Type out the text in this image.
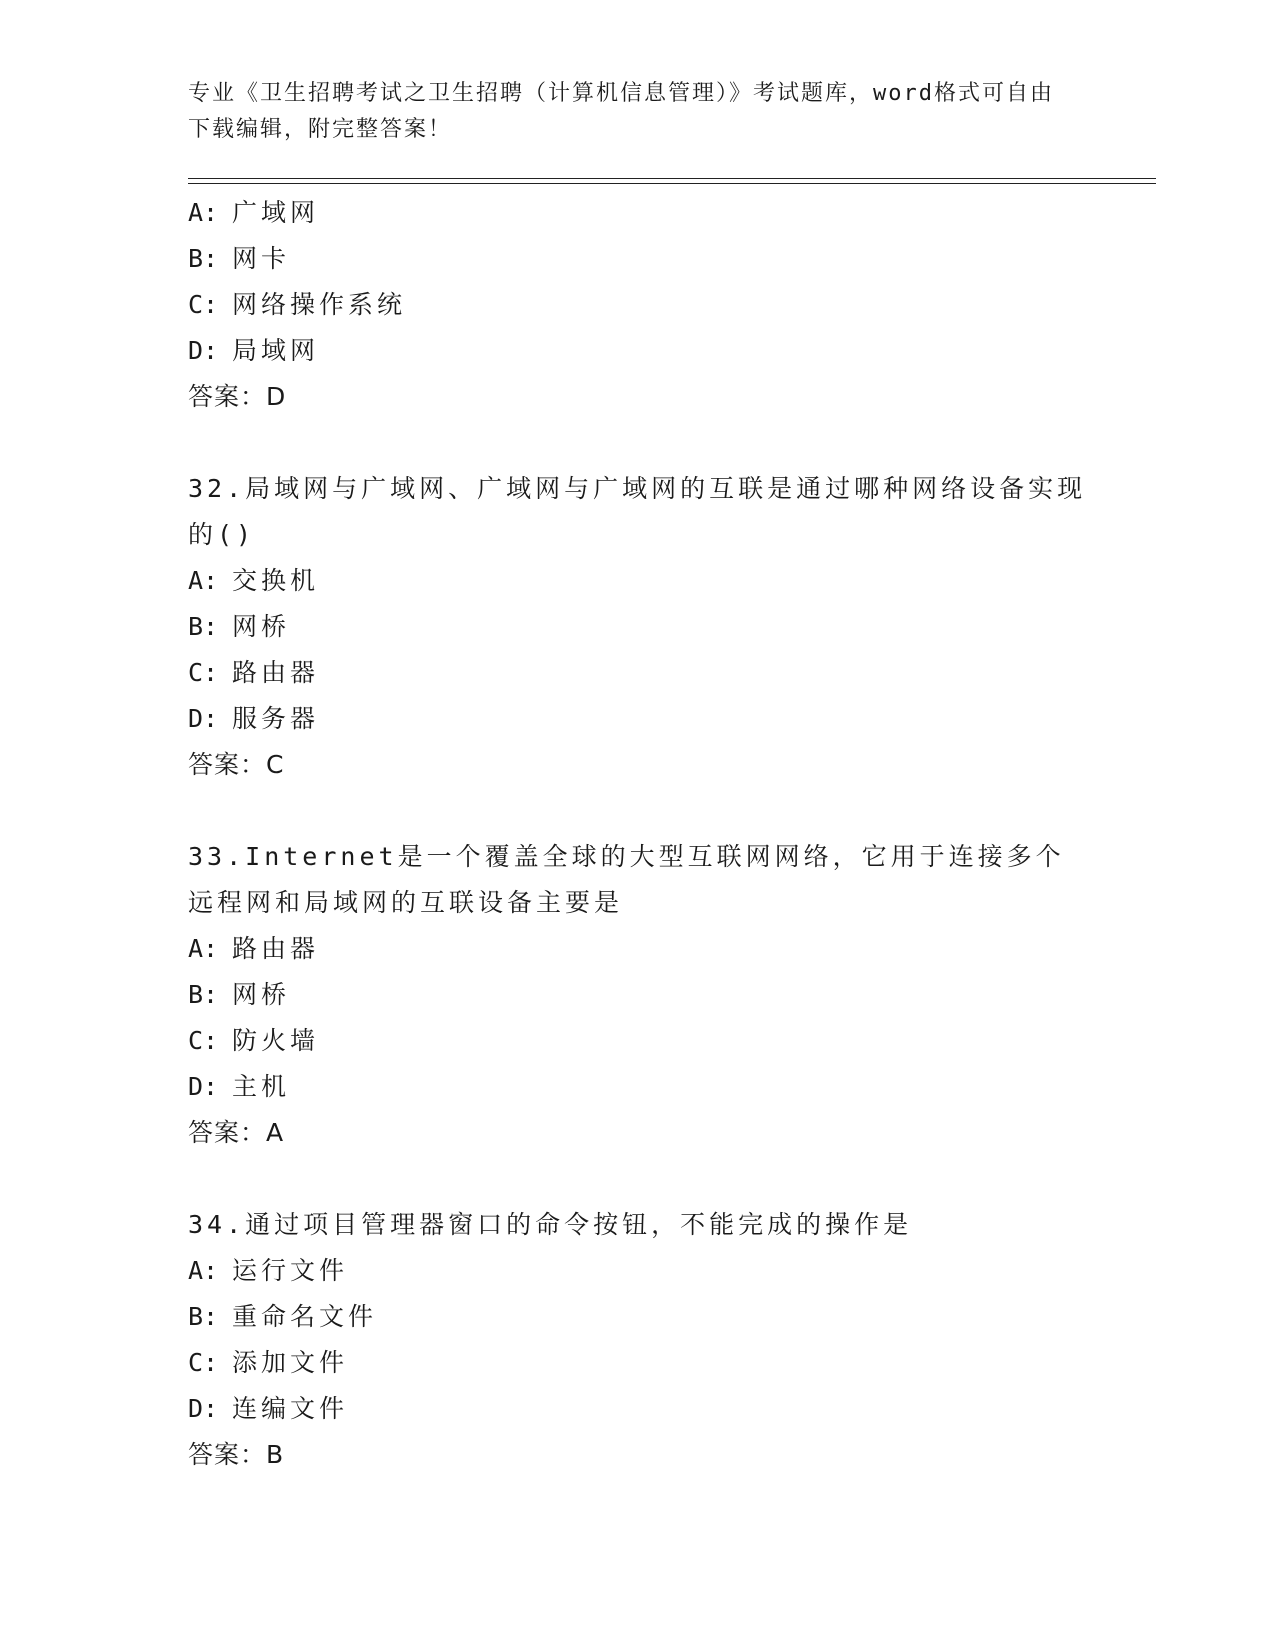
专业《卫生招聘考试之卫生招聘（计算机信息管理）》考试题库，word格式可自由下载编辑，附完整答案！
A: 广域网
B: 网卡
C: 网络操作系统
D: 局域网
答案：D
32.局域网与广域网、广域网与广域网的互联是通过哪种网络设备实现的()
A: 交换机
B: 网桥
C: 路由器
D: 服务器
答案：C
33.Internet是一个覆盖全球的大型互联网网络，它用于连接多个远程网和局域网的互联设备主要是
A: 路由器
B: 网桥
C: 防火墙
D: 主机
答案：A
34.通过项目管理器窗口的命令按钮，不能完成的操作是
A: 运行文件
B: 重命名文件
C: 添加文件
D: 连编文件
答案：B
